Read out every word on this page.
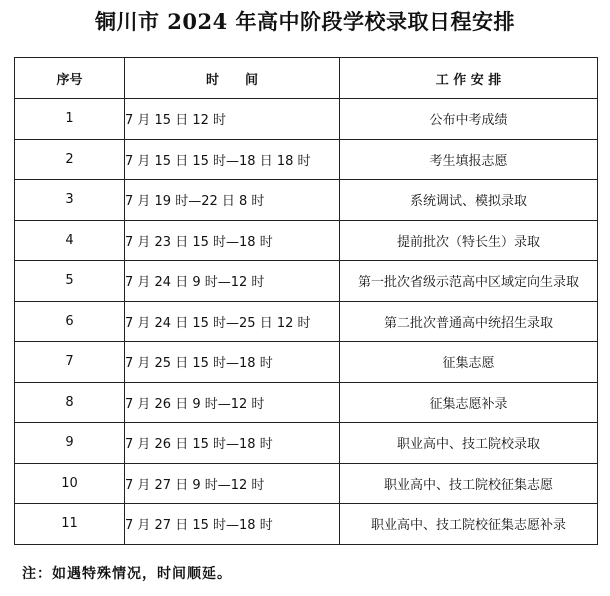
铜川市 2024 年高中阶段学校录取日程安排
序号	时　　间	工 作 安 排
1	7 月 15 日 12 时	公布中考成绩
2	7 月 15 日 15 时—18 日 18 时	考生填报志愿
3	7 月 19 时—22 日 8 时	系统调试、模拟录取
4	7 月 23 日 15 时—18 时	提前批次（特长生）录取
5	7 月 24 日 9 时—12 时	第一批次省级示范高中区域定向生录取
6	7 月 24 日 15 时—25 日 12 时	第二批次普通高中统招生录取
7	7 月 25 日 15 时—18 时	征集志愿
8	7 月 26 日 9 时—12 时	征集志愿补录
9	7 月 26 日 15 时—18 时	职业高中、技工院校录取
10	7 月 27 日 9 时—12 时	职业高中、技工院校征集志愿
11	7 月 27 日 15 时—18 时	职业高中、技工院校征集志愿补录
注：如遇特殊情况，时间顺延。
